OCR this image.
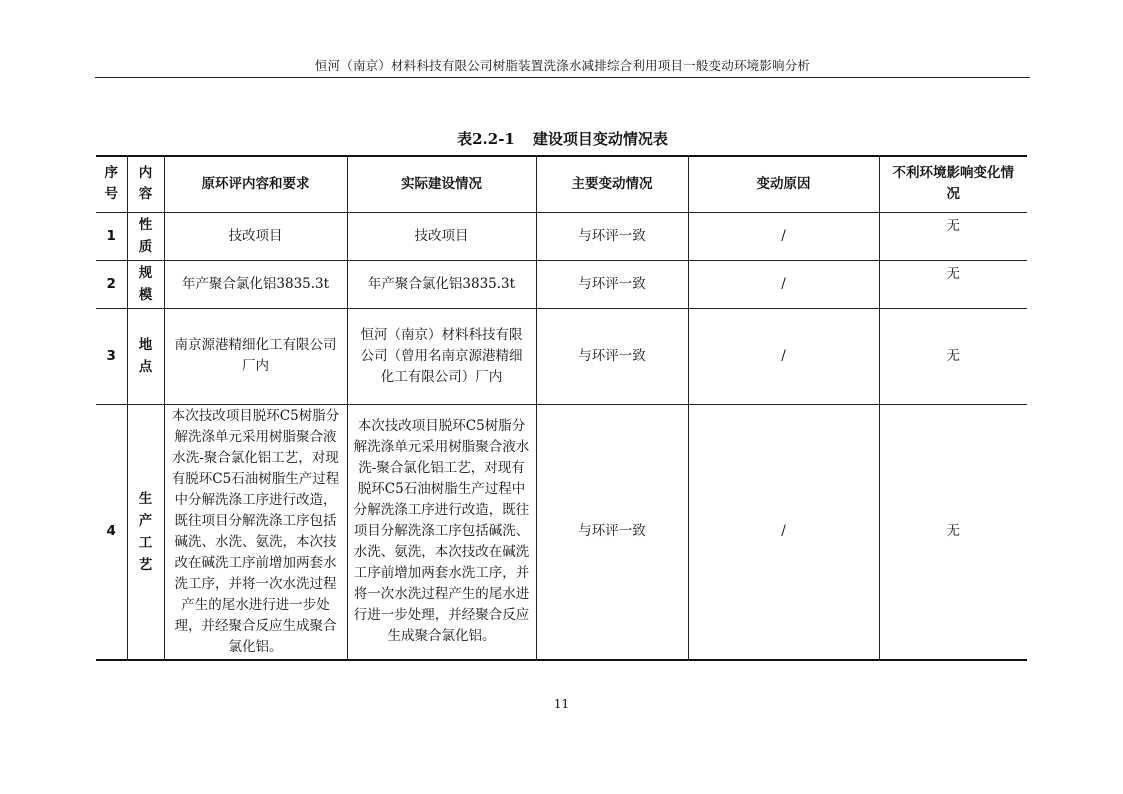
恒河（南京）材料科技有限公司树脂装置洗涤水减排综合利用项目一般变动环境影响分析
表2.2-1 建设项目变动情况表
序号	内容	原环评内容和要求	实际建设情况	主要变动情况	变动原因	不利环境影响变化情况

1	性质	技改项目	技改项目	与环评一致	/	无
2	规模	年产聚合氯化铝3835.3t	年产聚合氯化铝3835.3t	与环评一致	/	无
3	地点	南京源港精细化工有限公司厂内	恒河（南京）材料科技有限公司（曾用名南京源港精细化工有限公司）厂内	与环评一致	/	无
4	生产工艺	本次技改项目脱环C5树脂分解洗涤单元采用树脂聚合液水洗-聚合氯化铝工艺，对现有脱环C5石油树脂生产过程中分解洗涤工序进行改造，既往项目分解洗涤工序包括碱洗、水洗、氨洗，本次技改在碱洗工序前增加两套水洗工序，并将一次水洗过程产生的尾水进行进一步处理，并经聚合反应生成聚合氯化铝。	本次技改项目脱环C5树脂分解洗涤单元采用树脂聚合液水洗-聚合氯化铝工艺，对现有脱环C5石油树脂生产过程中分解洗涤工序进行改造，既往项目分解洗涤工序包括碱洗、水洗、氨洗，本次技改在碱洗工序前增加两套水洗工序，并将一次水洗过程产生的尾水进行进一步处理，并经聚合反应生成聚合氯化铝。	与环评一致	/	无
11
